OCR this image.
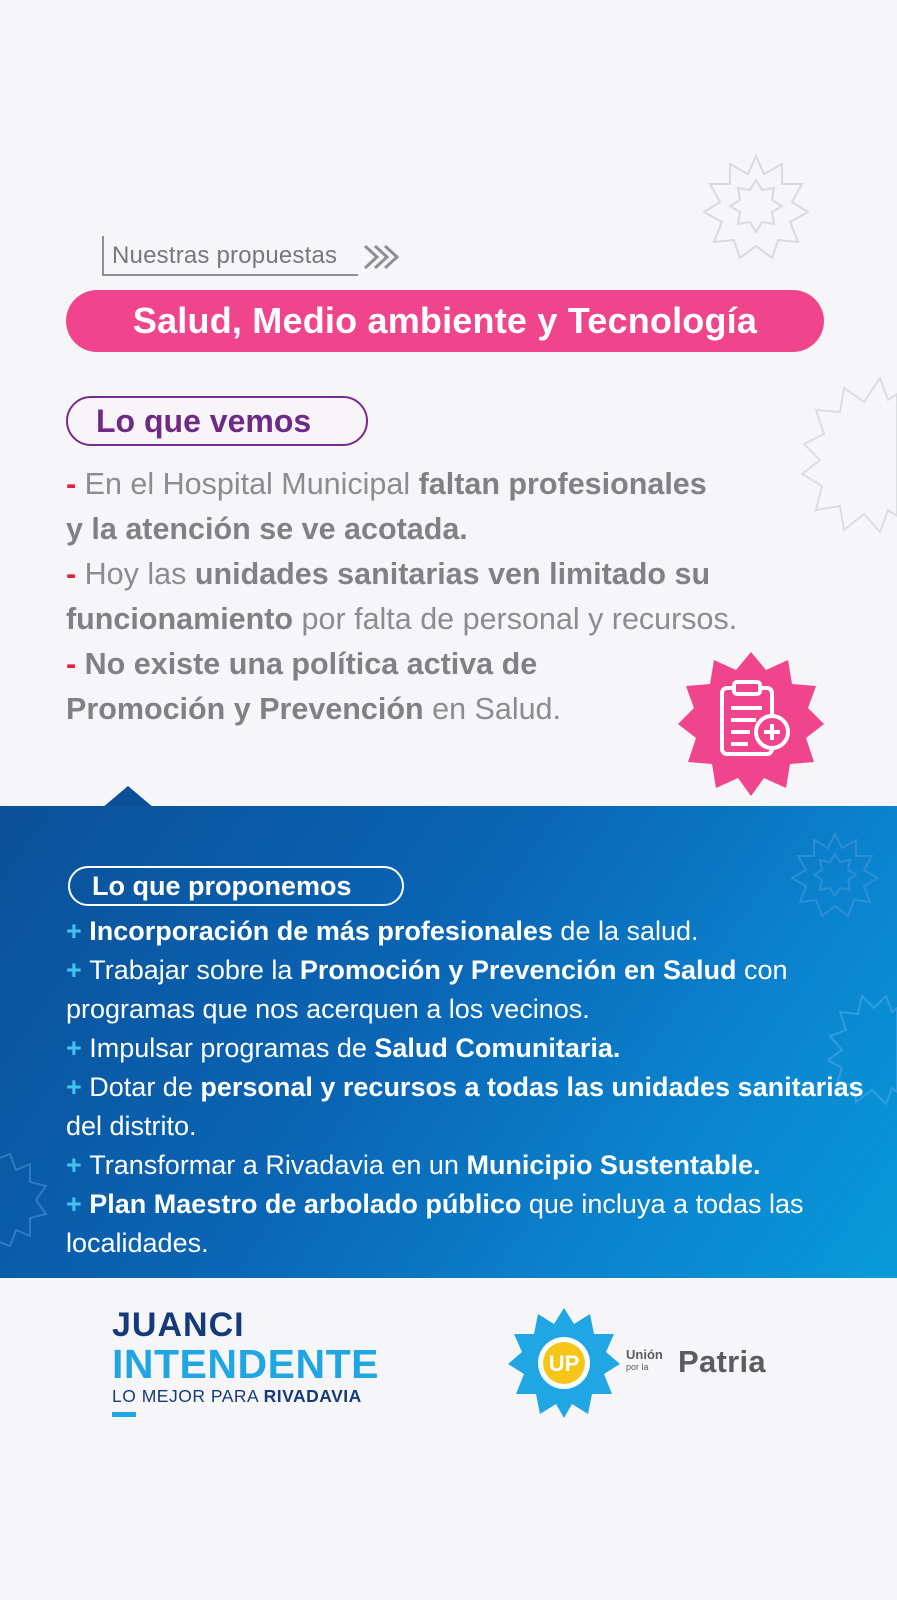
Nuestras propuestas
Salud, Medio ambiente y Tecnología
Lo que vemos

- En el Hospital Municipal faltan profesionales
y la atención se ve acotada.

- Hoy las unidades sanitarias ven limitado su
funcionamiento por falta de personal y recursos.

- No existe una política activa de
Promoción y Prevención en Salud.

Lo que proponemos

+ Incorporación de más profesionales de la salud.

+ Trabajar sobre la Promoción y Prevención en Salud con programas que nos acerquen a los vecinos.

+ Impulsar programas de Salud Comunitaria.

+ Dotar de personal y recursos a todas las unidades sanitarias del distrito.

+ Transformar a Rivadavia en un Municipio Sustentable.

+ Plan Maestro de arbolado público que incluya a todas las localidades.

JUANCI
INTENDENTE
LO MEJOR PARA RIVADAVIA
UP	Unión
por la Patria
